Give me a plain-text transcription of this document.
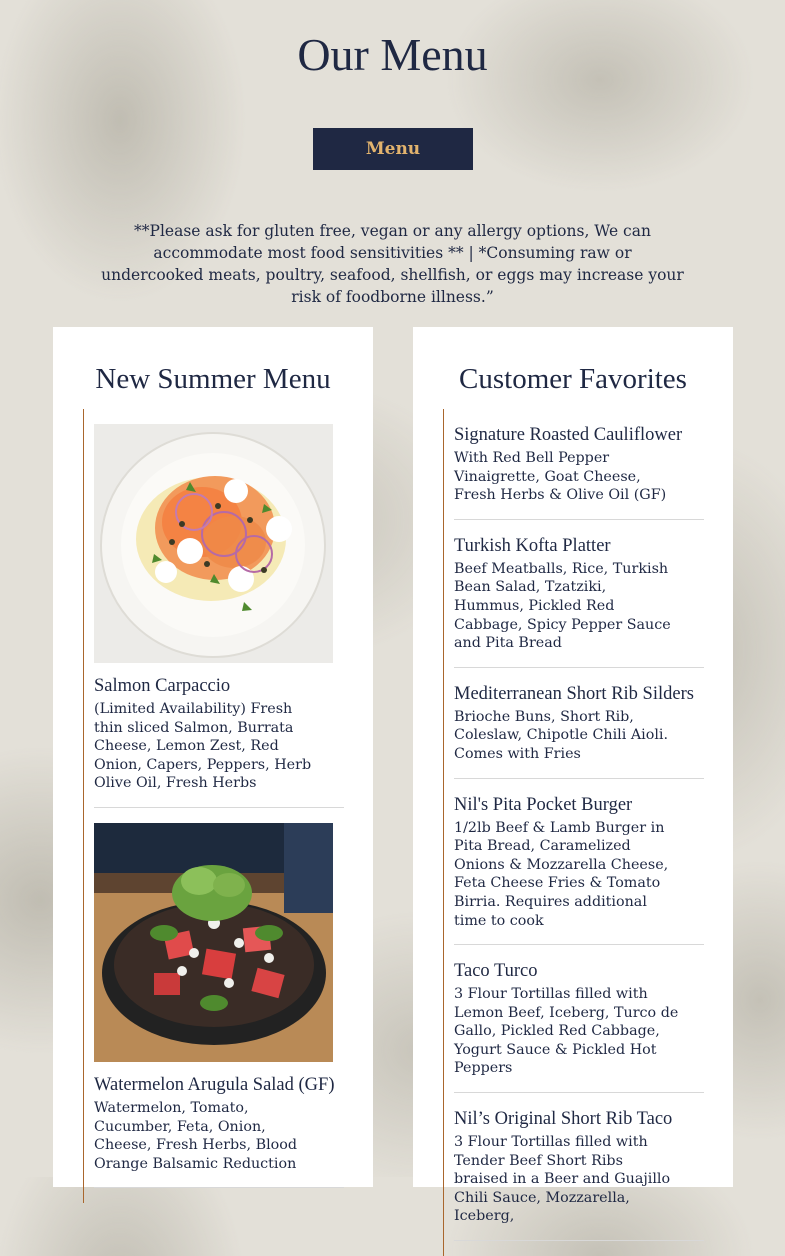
Our Menu
Menu

**Please ask for gluten free, vegan or any allergy options, We can accommodate most food sensitivities ** | *Consuming raw or undercooked meats, poultry, seafood, shellfish, or eggs may increase your risk of foodborne illness.”

New Summer Menu
Salmon Carpaccio

(Limited Availability) Fresh thin sliced Salmon, Burrata Cheese, Lemon Zest, Red Onion, Capers, Peppers, Herb Olive Oil, Fresh Herbs

Watermelon Arugula Salad (GF)

Watermelon, Tomato, Cucumber, Feta, Onion, Cheese, Fresh Herbs, Blood Orange Balsamic Reduction

Customer Favorites
Signature Roasted Cauliflower

With Red Bell Pepper Vinaigrette, Goat Cheese, Fresh Herbs & Olive Oil (GF)

Turkish Kofta Platter

Beef Meatballs, Rice, Turkish Bean Salad, Tzatziki, Hummus, Pickled Red Cabbage, Spicy Pepper Sauce and Pita Bread

Mediterranean Short Rib Silders

Brioche Buns, Short Rib, Coleslaw, Chipotle Chili Aioli. Comes with Fries

Nil's Pita Pocket Burger

1/2lb Beef & Lamb Burger in Pita Bread, Caramelized Onions & Mozzarella Cheese, Feta Cheese Fries & Tomato Birria. Requires additional time to cook

Taco Turco

3 Flour Tortillas filled with Lemon Beef, Iceberg, Turco de Gallo, Pickled Red Cabbage, Yogurt Sauce & Pickled Hot Peppers

Nil’s Original Short Rib Taco

3 Flour Tortillas filled with Tender Beef Short Ribs braised in a Beer and Guajillo Chili Sauce, Mozzarella, Iceberg,
